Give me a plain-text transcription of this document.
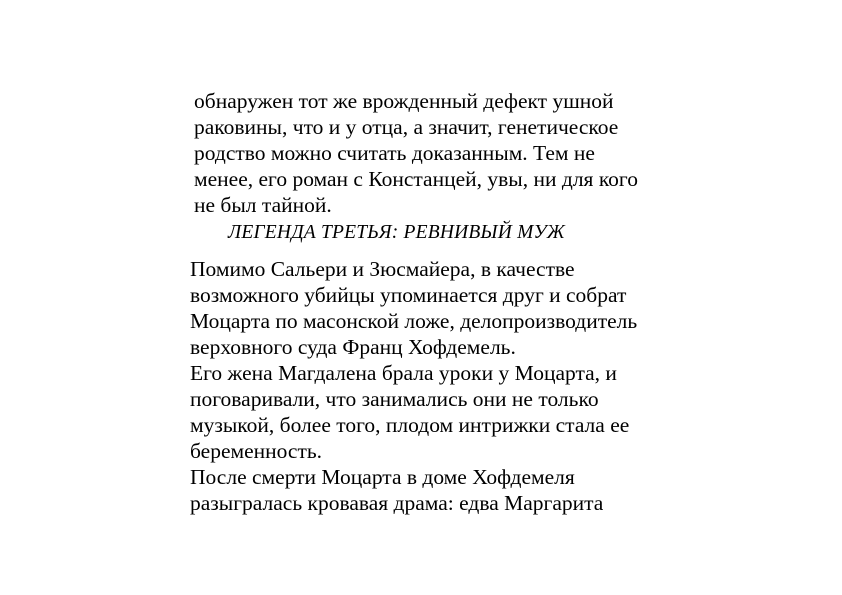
обнаружен тот же врожденный дефект ушной
раковины, что и у отца, а значит, генетическое
родство можно считать доказанным. Тем не
менее, его роман с Констанцей, увы, ни для кого
не был тайной.
ЛЕГЕНДА ТРЕТЬЯ: РЕВНИВЫЙ МУЖ
Помимо Сальери и Зюсмайера, в качестве
возможного убийцы упоминается друг и собрат
Моцарта по масонской ложе, делопроизводитель
верховного суда Франц Хофдемель.
Его жена Магдалена брала уроки у Моцарта, и
поговаривали, что занимались они не только
музыкой, более того, плодом интрижки стала ее
беременность.
После смерти Моцарта в доме Хофдемеля
разыгралась кровавая драма: едва Маргарита
